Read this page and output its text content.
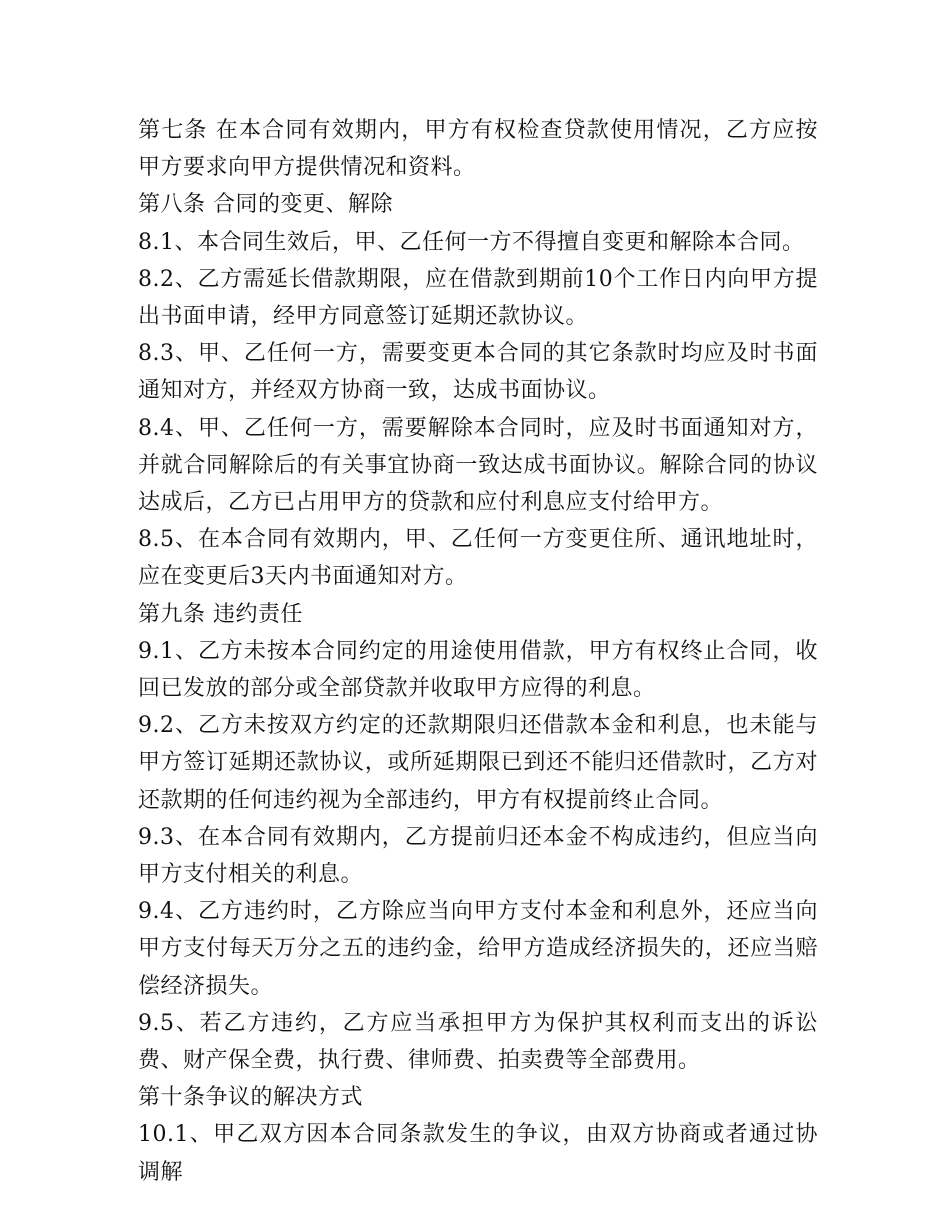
第七条 在本合同有效期内，甲方有权检查贷款使用情况，乙方应按甲方要求向甲方提供情况和资料。

第八条 合同的变更、解除

8.1、本合同生效后，甲、乙任何一方不得擅自变更和解除本合同。

8.2、乙方需延长借款期限，应在借款到期前10个工作日内向甲方提出书面申请，经甲方同意签订延期还款协议。

8.3、甲、乙任何一方，需要变更本合同的其它条款时均应及时书面通知对方，并经双方协商一致，达成书面协议。

8.4、甲、乙任何一方，需要解除本合同时，应及时书面通知对方，并就合同解除后的有关事宜协商一致达成书面协议。解除合同的协议达成后，乙方已占用甲方的贷款和应付利息应支付给甲方。

8.5、在本合同有效期内，甲、乙任何一方变更住所、通讯地址时，应在变更后3天内书面通知对方。

第九条 违约责任

9.1、乙方未按本合同约定的用途使用借款，甲方有权终止合同，收回已发放的部分或全部贷款并收取甲方应得的利息。

9.2、乙方未按双方约定的还款期限归还借款本金和利息，也未能与甲方签订延期还款协议，或所延期限已到还不能归还借款时，乙方对还款期的任何违约视为全部违约，甲方有权提前终止合同。

9.3、在本合同有效期内，乙方提前归还本金不构成违约，但应当向甲方支付相关的利息。

9.4、乙方违约时，乙方除应当向甲方支付本金和利息外，还应当向甲方支付每天万分之五的违约金，给甲方造成经济损失的，还应当赔偿经济损失。

9.5、若乙方违约，乙方应当承担甲方为保护其权利而支出的诉讼费、财产保全费，执行费、律师费、拍卖费等全部费用。

第十条争议的解决方式

10.1、甲乙双方因本合同条款发生的争议，由双方协商或者通过协调解
